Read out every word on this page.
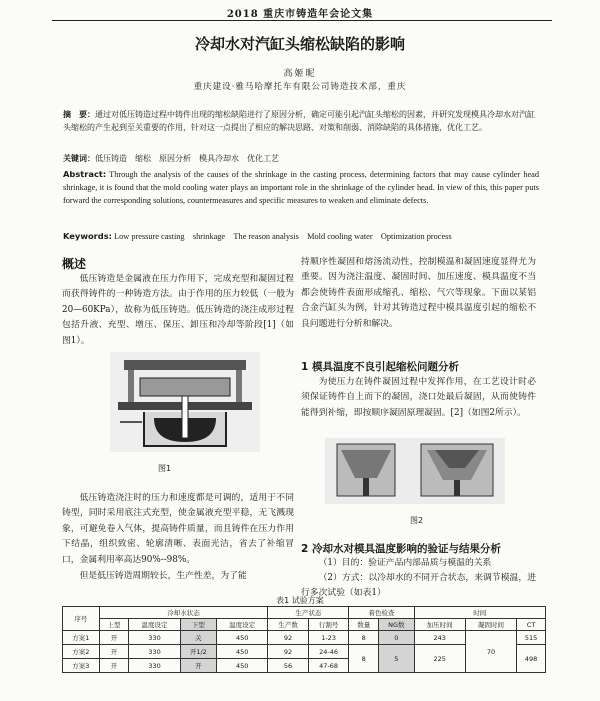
2018 重庆市铸造年会论文集
冷却水对汽缸头缩松缺陷的影响
高姬昵
重庆建设·雅马哈摩托车有限公司铸造技术部，重庆
摘　要：通过对低压铸造过程中铸件出现的缩松缺陷进行了原因分析，确定可能引起汽缸头缩松的因素，并研究发现模具冷却水对汽缸头缩松的产生起到至关重要的作用，针对这一点提出了相应的解决思路、对策和削弱、消除缺陷的具体措施，优化工艺。
关键词：低压铸造　缩松　原因分析　模具冷却水　优化工艺
Abstract: Through the analysis of the causes of the shrinkage in the casting process, determining factors that may cause cylinder head shrinkage, it is found that the mold cooling water plays an important role in the shrinkage of the cylinder head. In view of this, this paper puts forward the corresponding solutions, countermeasures and specific measures to weaken and eliminate defects.
Keywords: Low pressure casting　shrinkage　The reason analysis　Mold cooling water　Optimization process
概述
低压铸造是金属液在压力作用下，完成充型和凝固过程而获得铸件的一种铸造方法。由于作用的压力较低（一般为20—60KPa），故称为低压铸造。低压铸造的浇注成形过程包括升液、充型、增压、保压、卸压和冷却等阶段[1]（如图1）。
图1
低压铸造浇注时的压力和速度都是可调的，适用于不同铸型，同时采用底注式充型，使金属液充型平稳，无飞溅现象，可避免卷入气体，提高铸件质量，而且铸件在压力作用下结晶，组织致密、轮廓清晰、表面光洁，省去了补缩冒口，金属利用率高达90%--98%。
但是低压铸造周期较长，生产性差，为了能
持顺序性凝固和熔汤流动性，控制模温和凝固速度显得尤为重要。因为浇注温度、凝固时间、加压速度、模具温度不当都会使铸件表面形成缩孔、缩松、气穴等现象。下面以某铝合金汽缸头为例，针对其铸造过程中模具温度引起的缩松不良问题进行分析和解决。
1 模具温度不良引起缩松问题分析
为使压力在铸件凝固过程中发挥作用，在工艺设计时必须保证铸件自上而下的凝固，浇口处最后凝固，从而使铸件能得到补缩，即按顺序凝固原理凝固。[2]（如图2所示）。
图2
2 冷却水对模具温度影响的验证与结果分析
（1）目的：验证产品内部品质与模温的关系
（2）方式：以冷却水的不同开合状态，来调节模温，进行多次试验（如表1）
表1 试验方案
序号	冷却水状态				生产状态		着色检查		时间		
	上型	温度设定	下型	温度设定	生产数	行割号	数量	NG数	加压时间	凝固时间	CT
方案1	开	330	关	450	92	1-23	8	0	243	70	515
方案2	开	330	开1/2	450	92	24-46	8	5	225		498
方案3	开	330	开	450	56	47-68					
